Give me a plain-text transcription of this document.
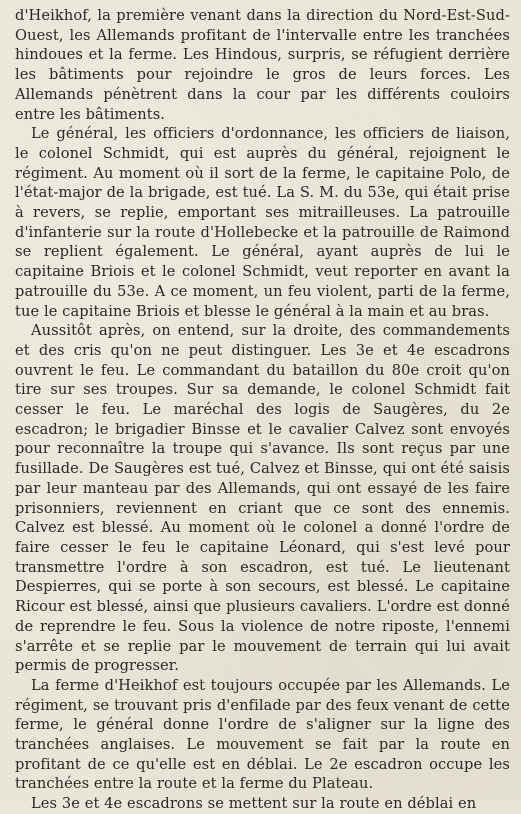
d'Heikhof, la première venant dans la direction du Nord-Est-Sud-Ouest, les Allemands profitant de l'intervalle entre les tranchées hindoues et la ferme. Les Hindous, surpris, se réfugient derrière les bâtiments pour rejoindre le gros de leurs forces. Les Allemands pénètrent dans la cour par les différents couloirs entre les bâtiments.

Le général, les officiers d'ordonnance, les officiers de liaison, le colonel Schmidt, qui est auprès du général, rejoignent le régiment. Au moment où il sort de la ferme, le capitaine Polo, de l'état-major de la brigade, est tué. La S. M. du 53e, qui était prise à revers, se replie, emportant ses mitrailleuses. La patrouille d'infanterie sur la route d'Hollebecke et la patrouille de Raimond se replient également. Le général, ayant auprès de lui le capitaine Briois et le colonel Schmidt, veut reporter en avant la patrouille du 53e. A ce moment, un feu violent, parti de la ferme, tue le capitaine Briois et blesse le général à la main et au bras.

Aussitôt après, on entend, sur la droite, des commandements et des cris qu'on ne peut distinguer. Les 3e et 4e escadrons ouvrent le feu. Le commandant du bataillon du 80e croit qu'on tire sur ses troupes. Sur sa demande, le colonel Schmidt fait cesser le feu. Le maréchal des logis de Saugères, du 2e escadron; le brigadier Binsse et le cavalier Calvez sont envoyés pour reconnaître la troupe qui s'avance. Ils sont reçus par une fusillade. De Saugères est tué, Calvez et Binsse, qui ont été saisis par leur manteau par des Allemands, qui ont essayé de les faire prisonniers, reviennent en criant que ce sont des ennemis. Calvez est blessé. Au moment où le colonel a donné l'ordre de faire cesser le feu le capitaine Léonard, qui s'est levé pour transmettre l'ordre à son escadron, est tué. Le lieutenant Despierres, qui se porte à son secours, est blessé. Le capitaine Ricour est blessé, ainsi que plusieurs cavaliers. L'ordre est donné de reprendre le feu. Sous la violence de notre riposte, l'ennemi s'arrête et se replie par le mouvement de terrain qui lui avait permis de progresser.

La ferme d'Heikhof est toujours occupée par les Allemands. Le régiment, se trouvant pris d'enfilade par des feux venant de cette ferme, le général donne l'ordre de s'aligner sur la ligne des tranchées anglaises. Le mouvement se fait par la route en profitant de ce qu'elle est en déblai. Le 2e escadron occupe les tranchées entre la route et la ferme du Plateau.

Les 3e et 4e escadrons se mettent sur la route en déblai en
